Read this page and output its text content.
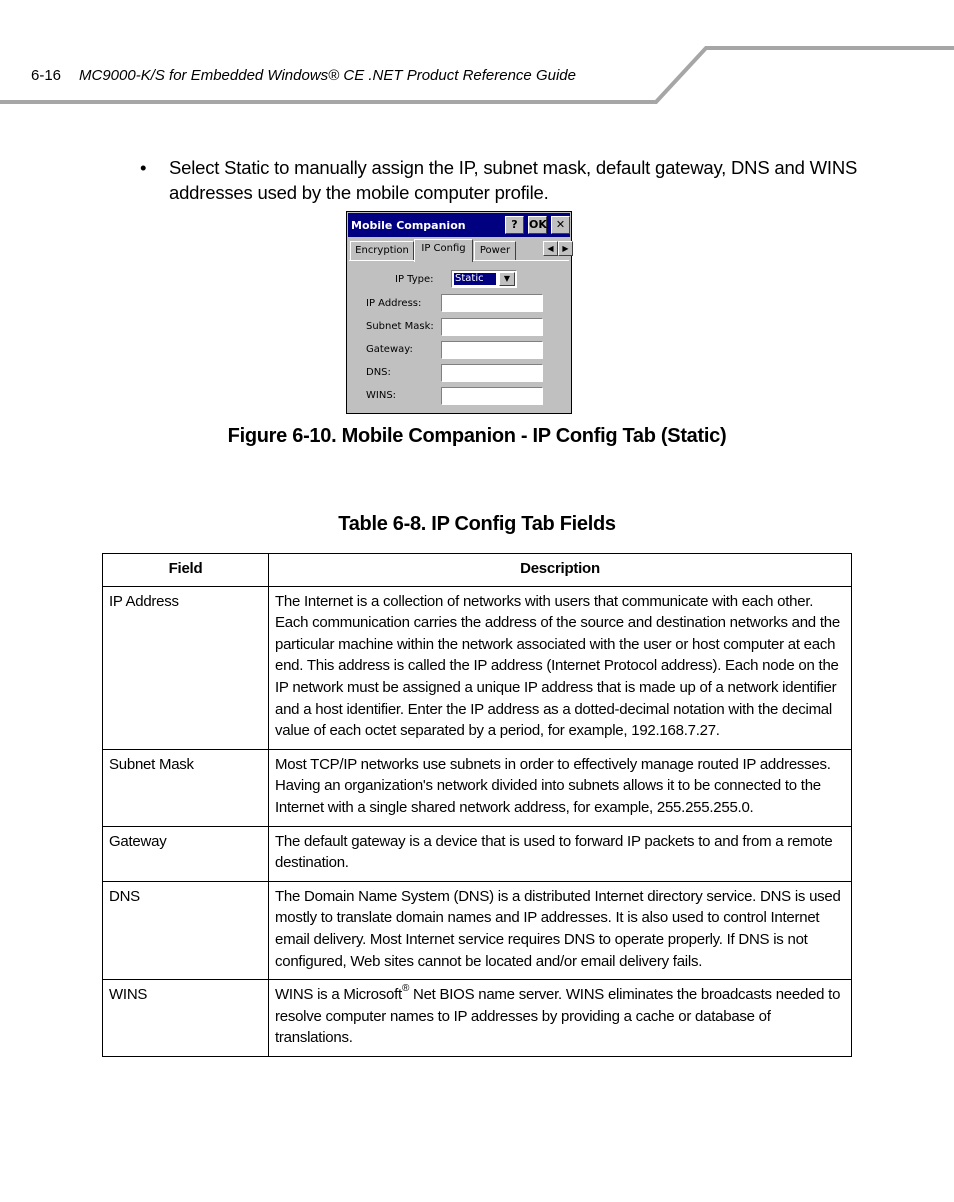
6-16 MC9000-K/S for Embedded Windows® CE .NET Product Reference Guide
• Select Static to manually assign the IP, subnet mask, default gateway, DNS and WINS addresses used by the mobile computer profile.
Mobile Companion	?	OK ✕
Encryption	IP Config	Power	◀	▶
IP Type: Static	▼
IP Address:
Subnet Mask:
Gateway:
DNS:
WINS:
Figure 6-10. Mobile Companion - IP Config Tab (Static)
Table 6-8. IP Config Tab Fields
Field	Description
IP Address	The Internet is a collection of networks with users that communicate with each other. Each communication carries the address of the source and destination networks and the particular machine within the network associated with the user or host computer at each end. This address is called the IP address (Internet Protocol address). Each node on the IP network must be assigned a unique IP address that is made up of a network identifier and a host identifier. Enter the IP address as a dotted-decimal notation with the decimal value of each octet separated by a period, for example, 192.168.7.27.
Subnet Mask	Most TCP/IP networks use subnets in order to effectively manage routed IP addresses. Having an organization's network divided into subnets allows it to be connected to the Internet with a single shared network address, for example, 255.255.255.0.
Gateway	The default gateway is a device that is used to forward IP packets to and from a remote destination.
DNS	The Domain Name System (DNS) is a distributed Internet directory service. DNS is used mostly to translate domain names and IP addresses. It is also used to control Internet email delivery. Most Internet service requires DNS to operate properly. If DNS is not configured, Web sites cannot be located and/or email delivery fails.
WINS	WINS is a Microsoft® Net BIOS name server. WINS eliminates the broadcasts needed to resolve computer names to IP addresses by providing a cache or database of translations.
